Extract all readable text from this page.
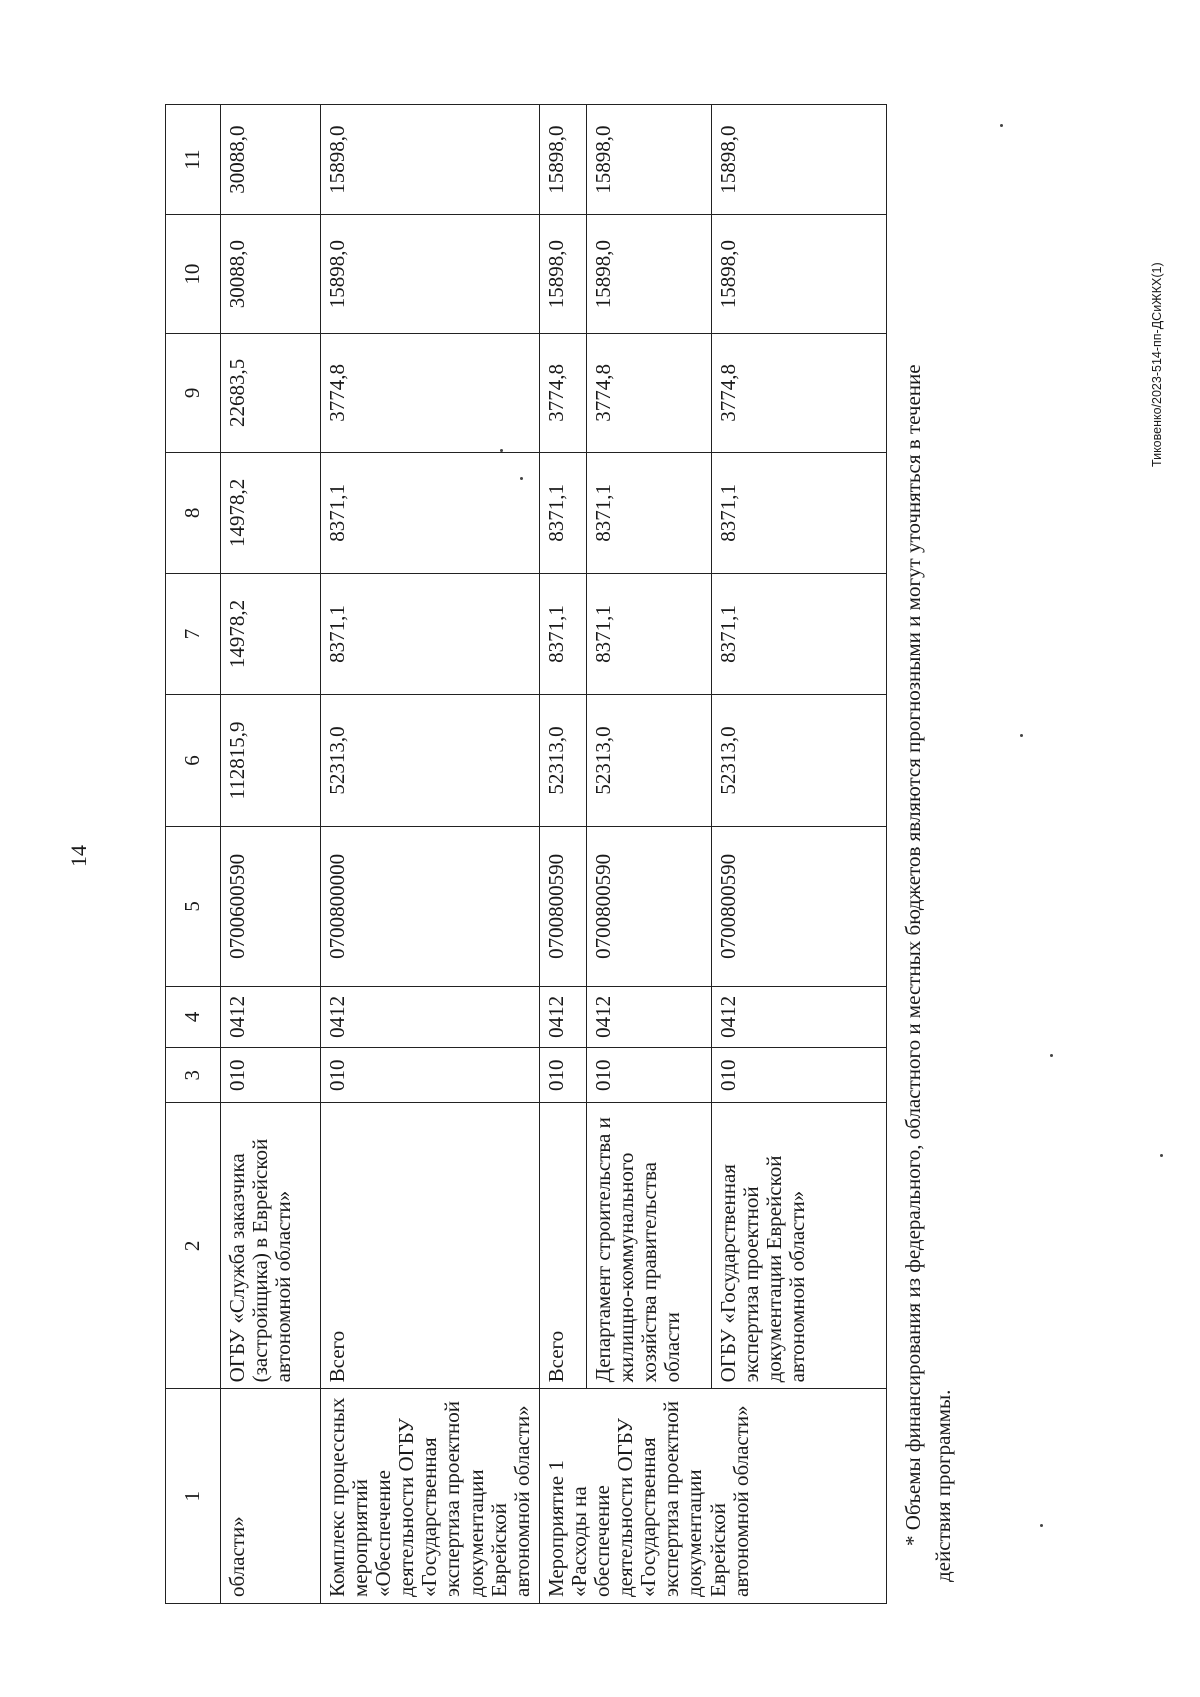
14
Тиковенко/2023-514-пп-ДСиЖКХ(1)
1	2	3	4	5	6	7	8	9	10	11
области»	ОГБУ «Служба заказчика (застройщика) в Еврейской автономной области»	010	0412	0700600590	112815,9	14978,2	14978,2	22683,5	30088,0	30088,0
Комплекс процессных мероприятий «Обеспечение деятельности ОГБУ «Государственная экспертиза проектной документации Еврейской автономной области»	Всего	010	0412	0700800000	52313,0	8371,1	8371,1	3774,8	15898,0	15898,0
Мероприятие 1 «Расходы на обеспечение деятельности ОГБУ «Государственная экспертиза проектной документации Еврейской автономной области»	Всего	010	0412	0700800590	52313,0	8371,1	8371,1	3774,8	15898,0	15898,0
	Департамент строительства и жилищно-коммунального хозяйства правительства области	010	0412	0700800590	52313,0	8371,1	8371,1	3774,8	15898,0	15898,0
	ОГБУ «Государственная экспертиза проектной документации Еврейской автономной области»	010	0412	0700800590	52313,0	8371,1	8371,1	3774,8	15898,0	15898,0
* Объемы финансирования из федерального, областного и местных бюджетов являются прогнозными и могут уточняться в течение действия программы.
